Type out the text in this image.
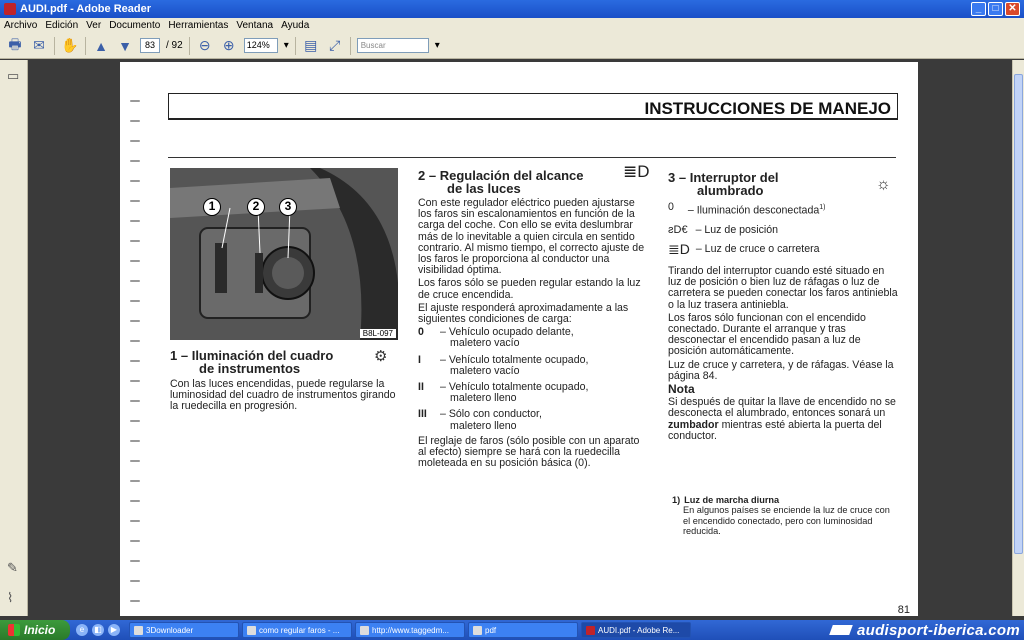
AUDI.pdf - Adobe Reader	_	□ ✕
Archivo Edición Ver Documento Herramientas Ventana Ayuda
🖶 ✉ ✋ ▲ ▼	83	/ 92 ⊖ ⊕	124%	▾ ▤ ⤢	Buscar	▾
▭
✎
⌇
INSTRUCCIONES DE MANEJO
1	2	3
B8L-097
1 – Iluminación del cuadro
de instrumentos
⚙
Con las luces encendidas, puede regularse la luminosidad del cuadro de instrumentos girando la ruedecilla en progresión.
2 – Regulación del alcance
de las luces
≣D

Con este regulador eléctrico pueden ajustarse los faros sin escalonamientos en función de la carga del coche. Con ello se evita deslumbrar más de lo inevitable a quien circula en sentido contrario. Al mismo tiempo, el correcto ajuste de los faros le proporciona al conductor una visibilidad óptima.

Los faros sólo se pueden regular estando la luz de cruce encendida.

El ajuste responderá aproximadamente a las siguientes condiciones de carga:

0	– Vehículo ocupado delante,
maletero vacío
I	– Vehículo totalmente ocupado,
maletero vacío
II	– Vehículo totalmente ocupado,
maletero lleno
III	– Sólo con conductor,
maletero lleno

El reglaje de faros (sólo posible con un aparato al efecto) siempre se hará con la ruedecilla moleteada en su posición básica (0).

3 – Interruptor del
alumbrado	☼
0 – Iluminación desconectada$^{1)}$
ƨD€ – Luz de posición
≣D – Luz de cruce o carretera

Tirando del interruptor cuando esté situado en luz de posición o bien luz de ráfagas o luz de carretera se pueden conectar los faros antiniebla o la luz trasera antiniebla.

Los faros sólo funcionan con el encendido conectado. Durante el arranque y tras desconectar el encendido pasan a luz de posición automáticamente.

Luz de cruce y carretera, y de ráfagas. Véase la página 84.

Nota

Si después de quitar la llave de encendido no se desconecta el alumbrado, entonces sonará un zumbador mientras esté abierta la puerta del conductor.

1) Luz de marcha diurna
En algunos países se enciende la luz de cruce con el encendido conectado, pero con luminosidad reducida.
81
Inicio	e	◧	▶	3Downloader	como regular faros - ...	http://www.taggedm...	pdf	AUDI.pdf - Adobe Re...	audisport-iberica.com
